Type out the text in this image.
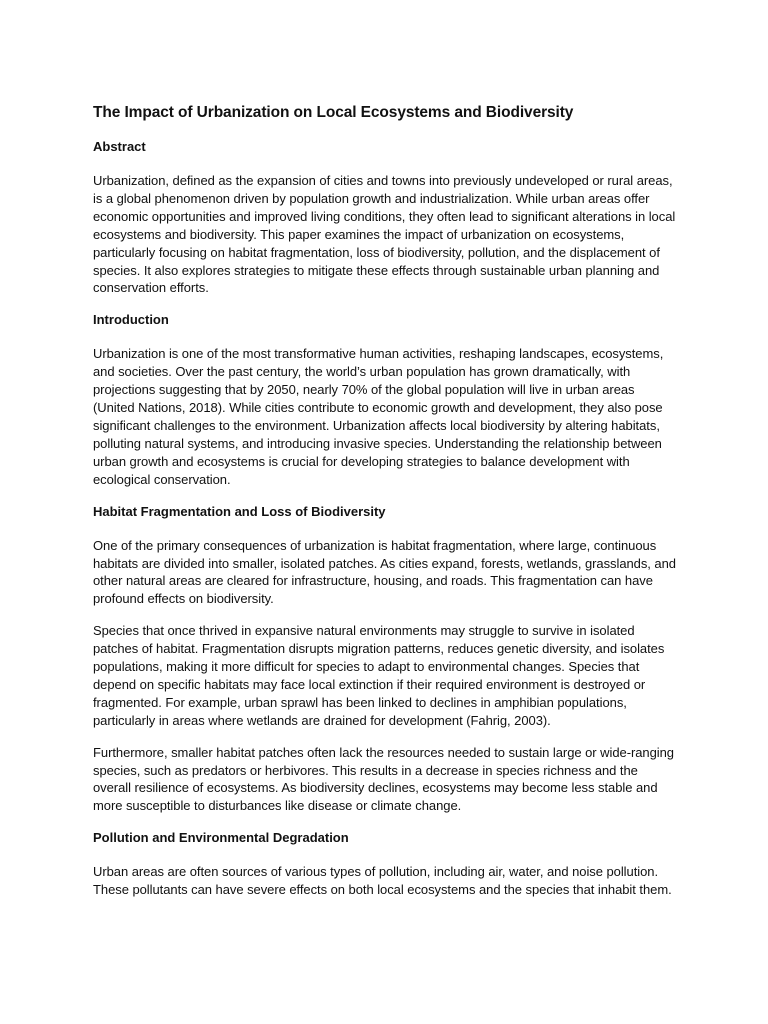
The Impact of Urbanization on Local Ecosystems and Biodiversity
Abstract

Urbanization, defined as the expansion of cities and towns into previously undeveloped or rural areas, is a global phenomenon driven by population growth and industrialization. While urban areas offer economic opportunities and improved living conditions, they often lead to significant alterations in local ecosystems and biodiversity. This paper examines the impact of urbanization on ecosystems, particularly focusing on habitat fragmentation, loss of biodiversity, pollution, and the displacement of species. It also explores strategies to mitigate these effects through sustainable urban planning and conservation efforts.

Introduction

Urbanization is one of the most transformative human activities, reshaping landscapes, ecosystems, and societies. Over the past century, the world’s urban population has grown dramatically, with projections suggesting that by 2050, nearly 70% of the global population will live in urban areas (United Nations, 2018). While cities contribute to economic growth and development, they also pose significant challenges to the environment. Urbanization affects local biodiversity by altering habitats, polluting natural systems, and introducing invasive species. Understanding the relationship between urban growth and ecosystems is crucial for developing strategies to balance development with ecological conservation.

Habitat Fragmentation and Loss of Biodiversity

One of the primary consequences of urbanization is habitat fragmentation, where large, continuous habitats are divided into smaller, isolated patches. As cities expand, forests, wetlands, grasslands, and other natural areas are cleared for infrastructure, housing, and roads. This fragmentation can have profound effects on biodiversity.

Species that once thrived in expansive natural environments may struggle to survive in isolated patches of habitat. Fragmentation disrupts migration patterns, reduces genetic diversity, and isolates populations, making it more difficult for species to adapt to environmental changes. Species that depend on specific habitats may face local extinction if their required environment is destroyed or fragmented. For example, urban sprawl has been linked to declines in amphibian populations, particularly in areas where wetlands are drained for development (Fahrig, 2003).

Furthermore, smaller habitat patches often lack the resources needed to sustain large or wide-ranging species, such as predators or herbivores. This results in a decrease in species richness and the overall resilience of ecosystems. As biodiversity declines, ecosystems may become less stable and more susceptible to disturbances like disease or climate change.

Pollution and Environmental Degradation

Urban areas are often sources of various types of pollution, including air, water, and noise pollution. These pollutants can have severe effects on both local ecosystems and the species that inhabit them.
